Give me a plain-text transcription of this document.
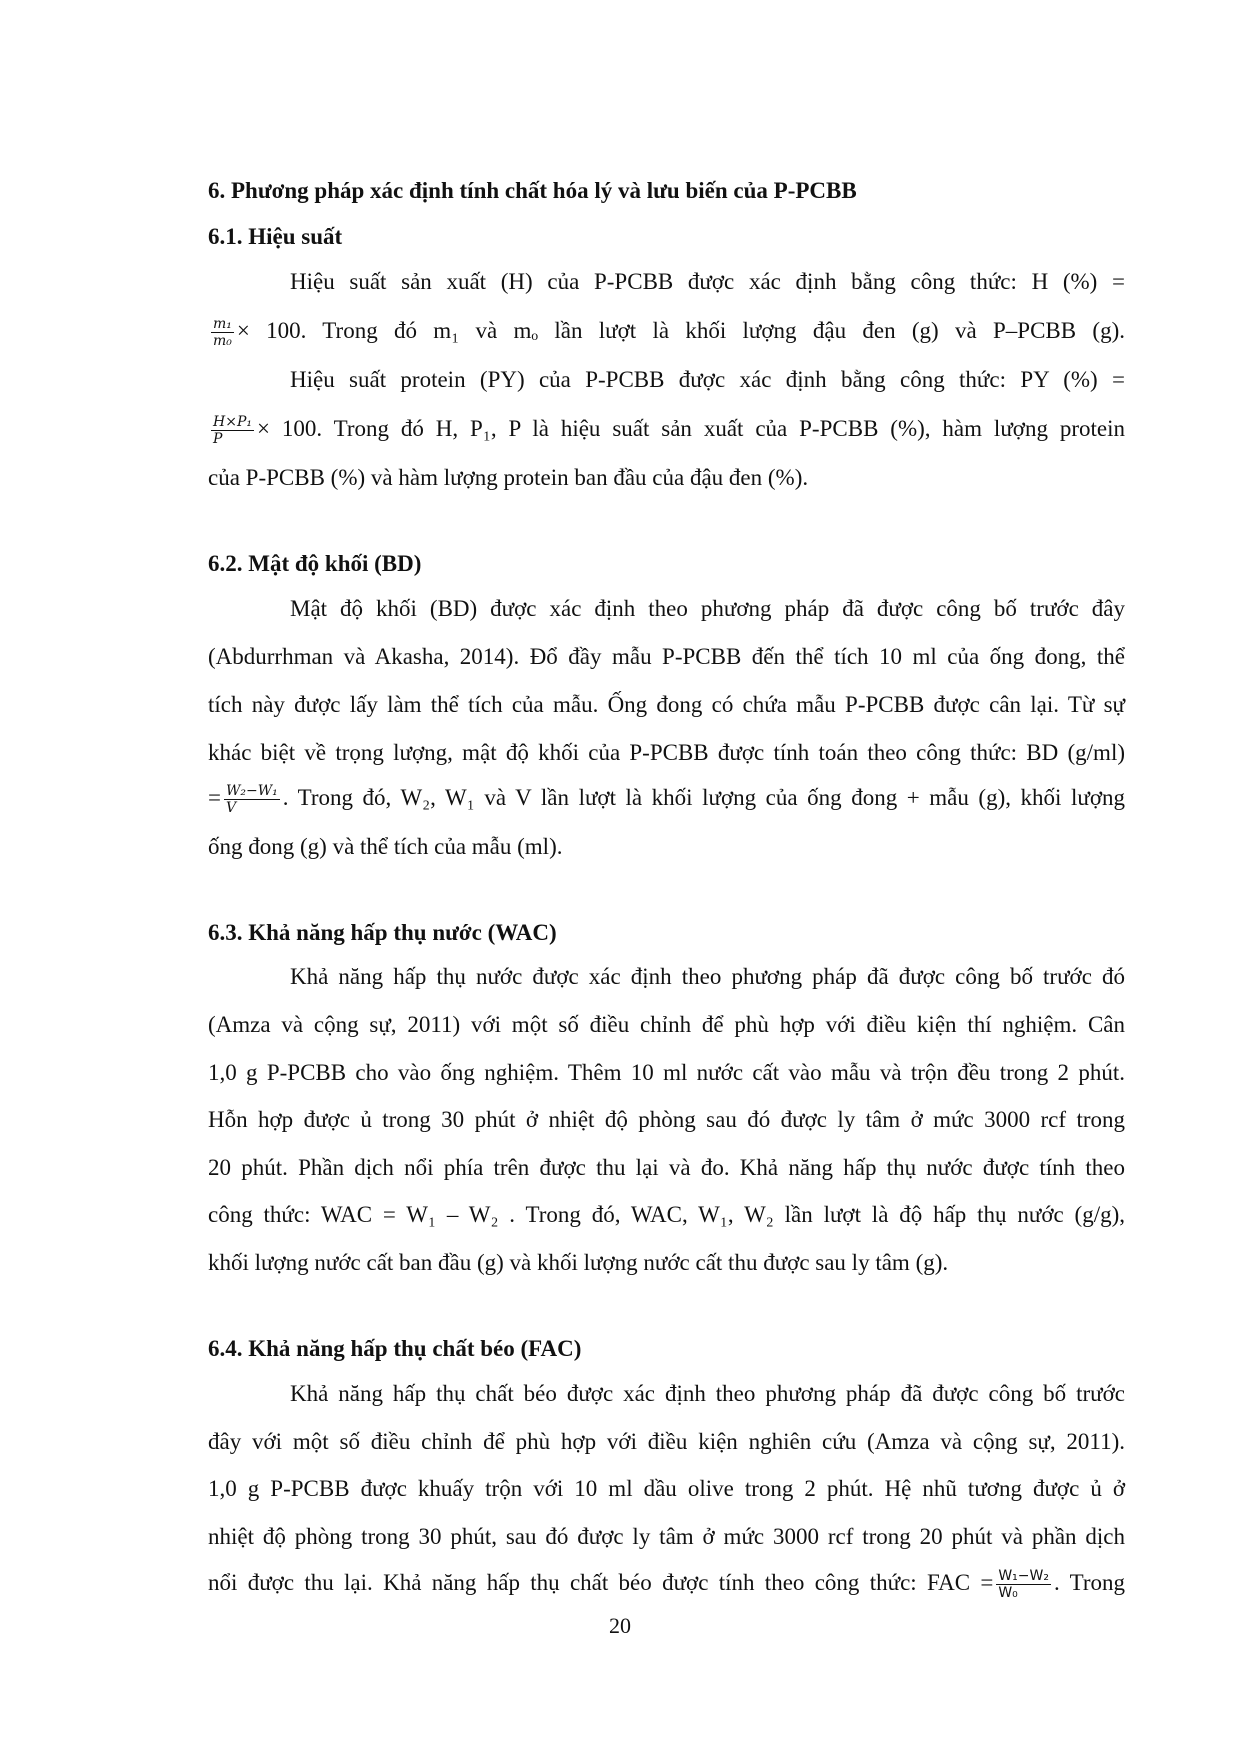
6. Phương pháp xác định tính chất hóa lý và lưu biến của P-PCBB
6.1. Hiệu suất
Hiệu suất sản xuất (H) của P-PCBB được xác định bằng công thức: H (%) =
$\frac{\text{m₁}}{\text{m₀}} \times 100$. Trong đó m₁ và mₒ lần lượt là khối lượng đậu đen (g) và P–PCBB (g).
Hiệu suất protein (PY) của P-PCBB được xác định bằng công thức: PY (%) =
$\frac{\text{H×P₁}}{P} \times 100$. Trong đó H, P₁, P là hiệu suất sản xuất của P-PCBB (%), hàm lượng protein
của P-PCBB (%) và hàm lượng protein ban đầu của đậu đen (%).
6.2. Mật độ khối (BD)
Mật độ khối (BD) được xác định theo phương pháp đã được công bố trước đây
(Abdurrhman và Akasha, 2014). Đổ đầy mẫu P-PCBB đến thể tích 10 ml của ống đong, thể
tích này được lấy làm thể tích của mẫu. Ống đong có chứa mẫu P-PCBB được cân lại. Từ sự
khác biệt về trọng lượng, mật độ khối của P-PCBB được tính toán theo công thức: BD (g/ml)
= $\frac{\text{W₂−W₁}}{V}$ . Trong đó, W₂, W₁ và V lần lượt là khối lượng của ống đong + mẫu (g), khối lượng
ống đong (g) và thể tích của mẫu (ml).
6.3. Khả năng hấp thụ nước (WAC)
Khả năng hấp thụ nước được xác định theo phương pháp đã được công bố trước đó
(Amza và cộng sự, 2011) với một số điều chỉnh để phù hợp với điều kiện thí nghiệm. Cân
1,0 g P-PCBB cho vào ống nghiệm. Thêm 10 ml nước cất vào mẫu và trộn đều trong 2 phút.
Hỗn hợp được ủ trong 30 phút ở nhiệt độ phòng sau đó được ly tâm ở mức 3000 rcf trong
20 phút. Phần dịch nổi phía trên được thu lại và đo. Khả năng hấp thụ nước được tính theo
công thức: WAC = W₁ – W₂ . Trong đó, WAC, W₁, W₂ lần lượt là độ hấp thụ nước (g/g),
khối lượng nước cất ban đầu (g) và khối lượng nước cất thu được sau ly tâm (g).
6.4. Khả năng hấp thụ chất béo (FAC)
Khả năng hấp thụ chất béo được xác định theo phương pháp đã được công bố trước
đây với một số điều chỉnh để phù hợp với điều kiện nghiên cứu (Amza và cộng sự, 2011).
1,0 g P-PCBB được khuấy trộn với 10 ml dầu olive trong 2 phút. Hệ nhũ tương được ủ ở
nhiệt độ phòng trong 30 phút, sau đó được ly tâm ở mức 3000 rcf trong 20 phút và phần dịch
nổi được thu lại. Khả năng hấp thụ chất béo được tính theo công thức: FAC = $\frac{\text{W₁−W₂}}{\text{W₀}}$ . Trong
20
